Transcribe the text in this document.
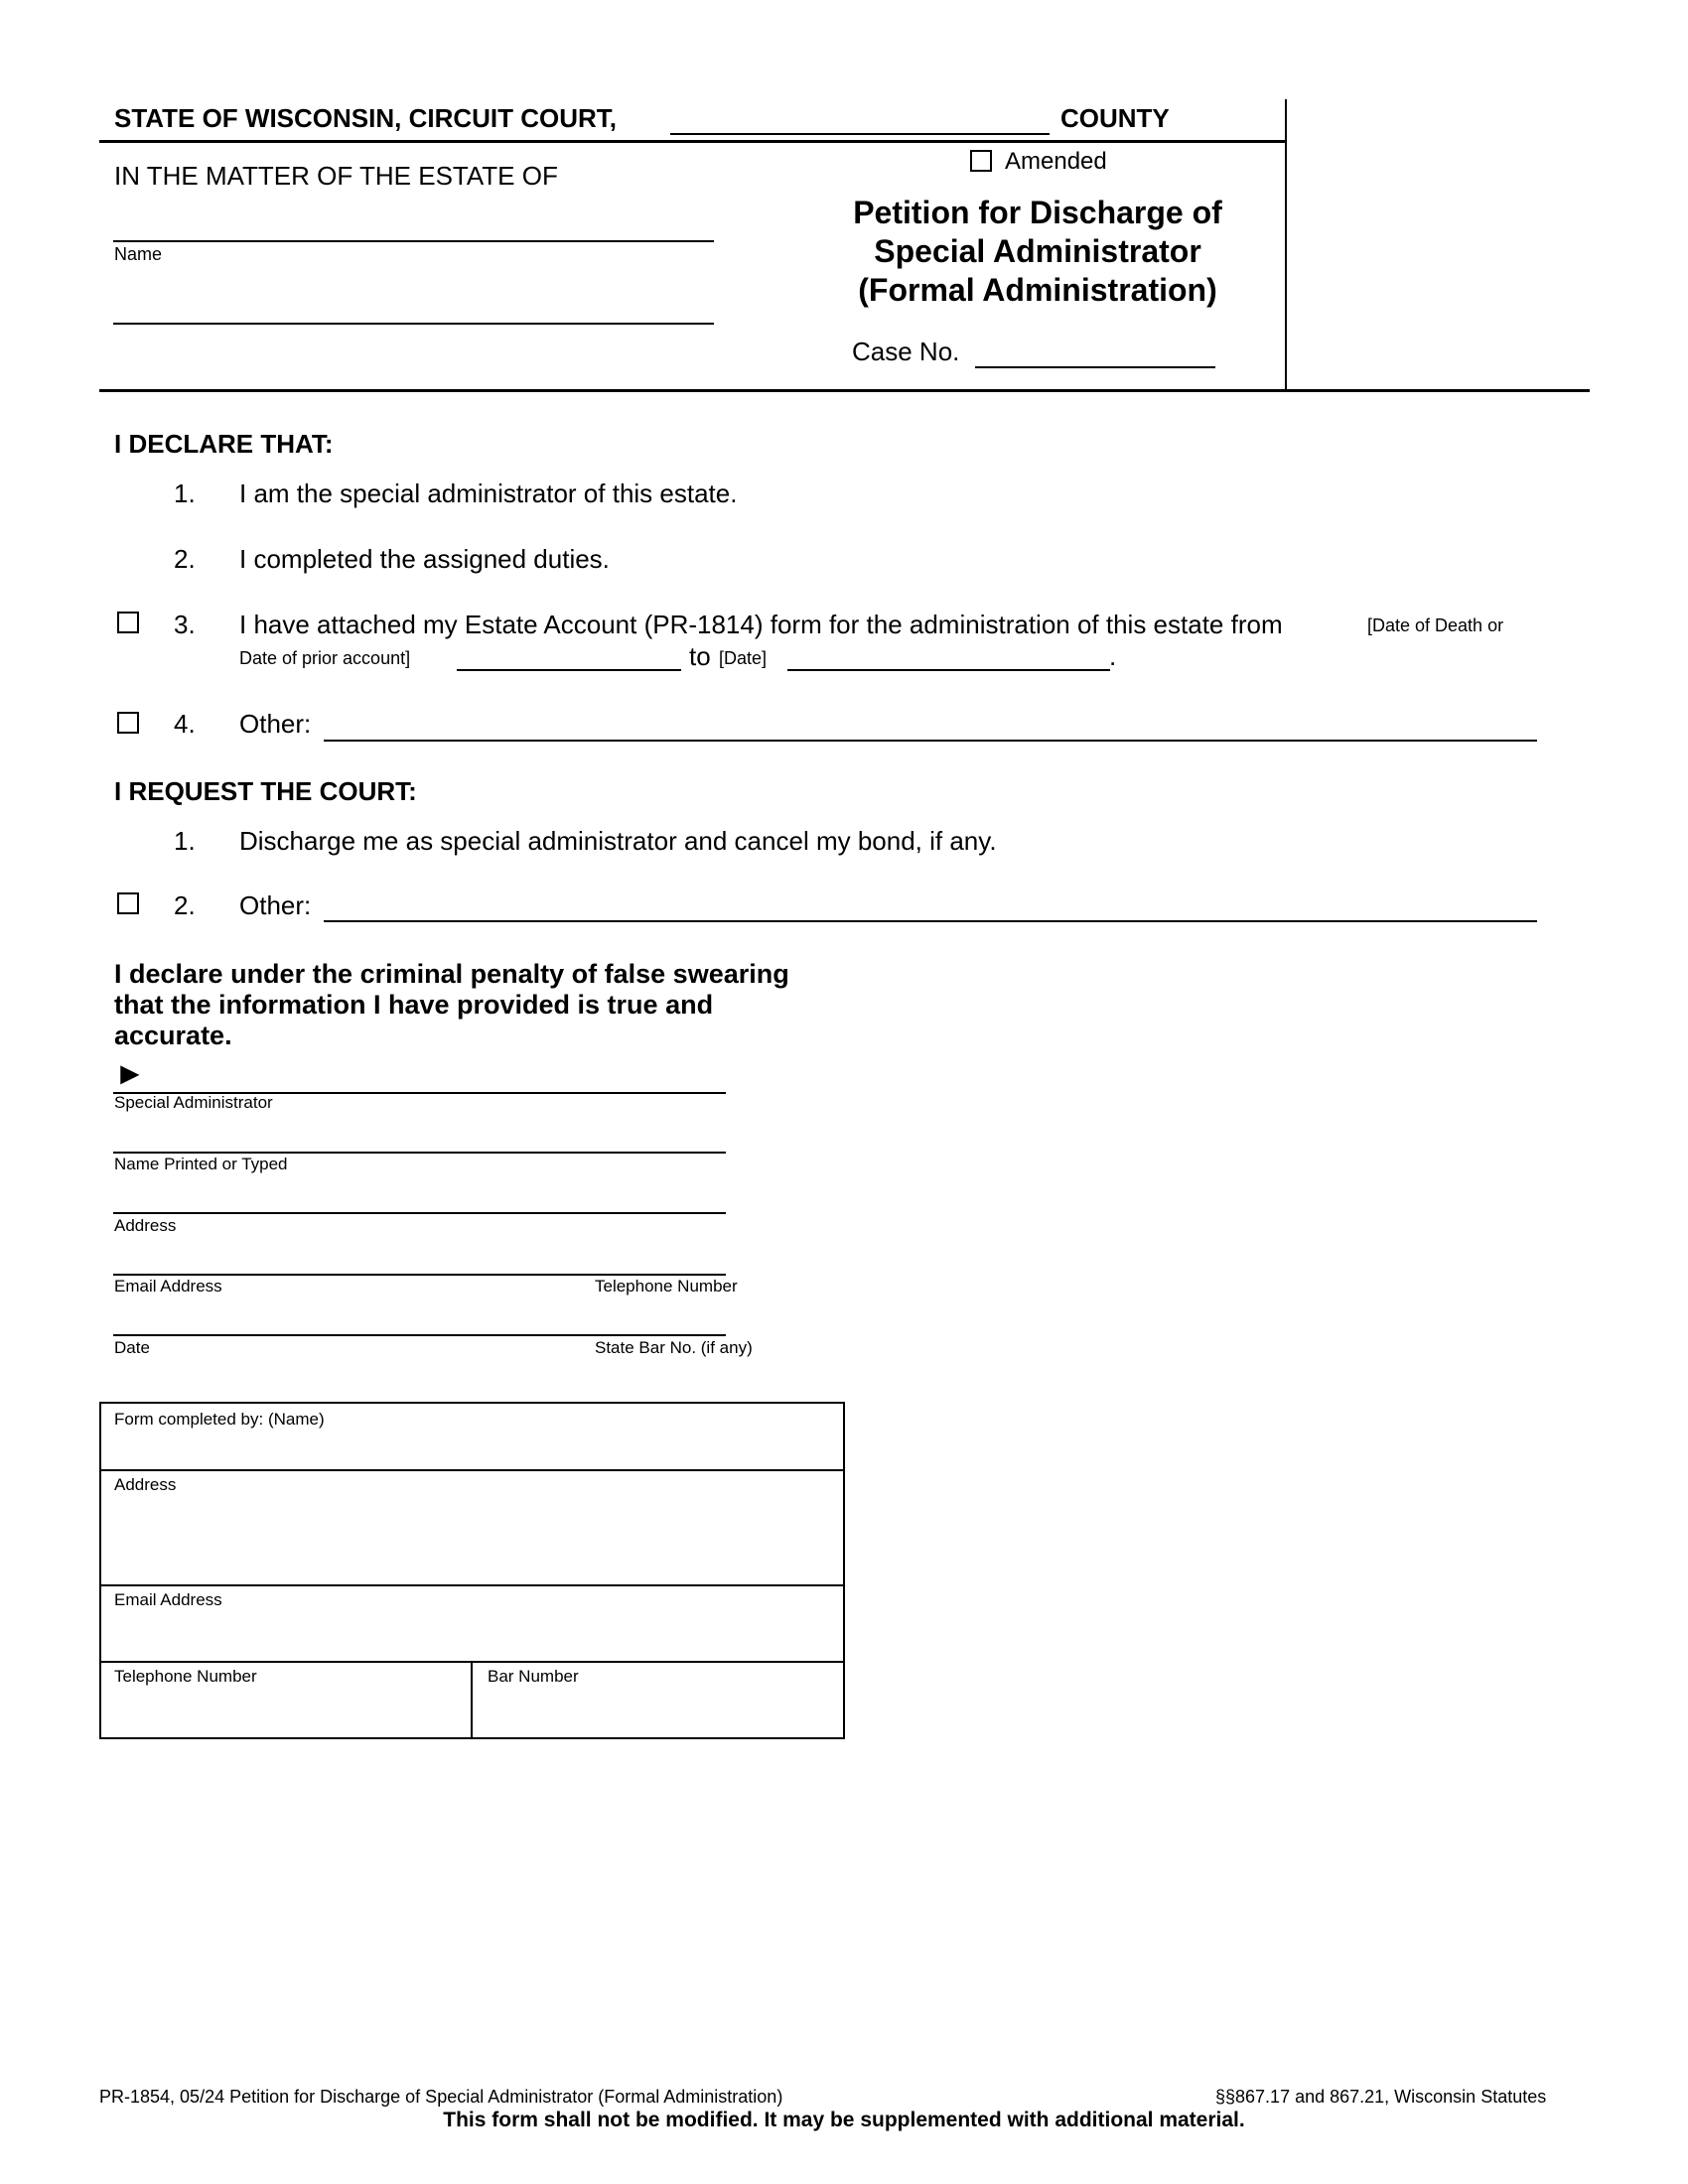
STATE OF WISCONSIN, CIRCUIT COURT,	COUNTY
IN THE MATTER OF THE ESTATE OF
Name
Amended
Petition for Discharge of
Special Administrator
(Formal Administration)
Case No.
I DECLARE THAT:
1. I am the special administrator of this estate.
2. I completed the assigned duties.
3. I have attached my Estate Account (PR-1814) form for the administration of this estate from	[Date of Death or
Date of prior account]	to [Date]	.
4. Other:
I REQUEST THE COURT:
1. Discharge me as special administrator and cancel my bond, if any.
2. Other:
I declare under the criminal penalty of false swearing
that the information I have provided is true and
accurate.
►
Special Administrator
Name Printed or Typed
Address
Email Address	Telephone Number
Date	State Bar No. (if any)
Form completed by: (Name)
Address
Email Address
Telephone Number	Bar Number
PR-1854, 05/24 Petition for Discharge of Special Administrator (Formal Administration)	§§867.17 and 867.21, Wisconsin Statutes
This form shall not be modified. It may be supplemented with additional material.
